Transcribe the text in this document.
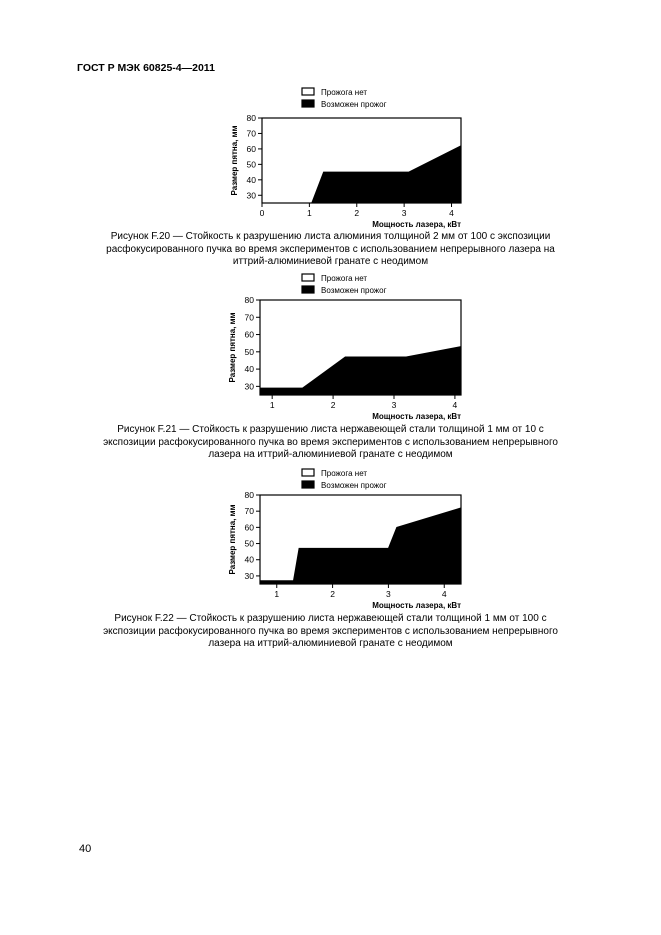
ГОСТ Р МЭК 60825-4—2011
Прожога нет
Возможен прожог
30
40
50
60
70
80
0	1	2	3	4
Мощность лазера, кВт
Размер пятна, мм
Рисунок F.20 — Стойкость к разрушению листа алюминия толщиной 2 мм от 100 с экспозиции расфокусированного пучка во время экспериментов с использованием непрерывного лазера на иттрий-алюминиевой гранате с неодимом
Прожога нет
Возможен прожог
30
40
50
60
70
80
1	2	3	4
Мощность лазера, кВт
Размер пятна, мм
Рисунок F.21 — Стойкость к разрушению листа нержавеющей стали толщиной 1 мм от 10 с экспозиции расфокусированного пучка во время экспериментов с использованием непрерывного лазера на иттрий-алюминиевой гранате с неодимом
Прожога нет
Возможен прожог
30
40
50
60
70
80
1	2	3	4
Мощность лазера, кВт
Размер пятна, мм
Рисунок F.22 — Стойкость к разрушению листа нержавеющей стали толщиной 1 мм от 100 с экспозиции расфокусированного пучка во время экспериментов с использованием непрерывного лазера на иттрий-алюминиевой гранате с неодимом
40
